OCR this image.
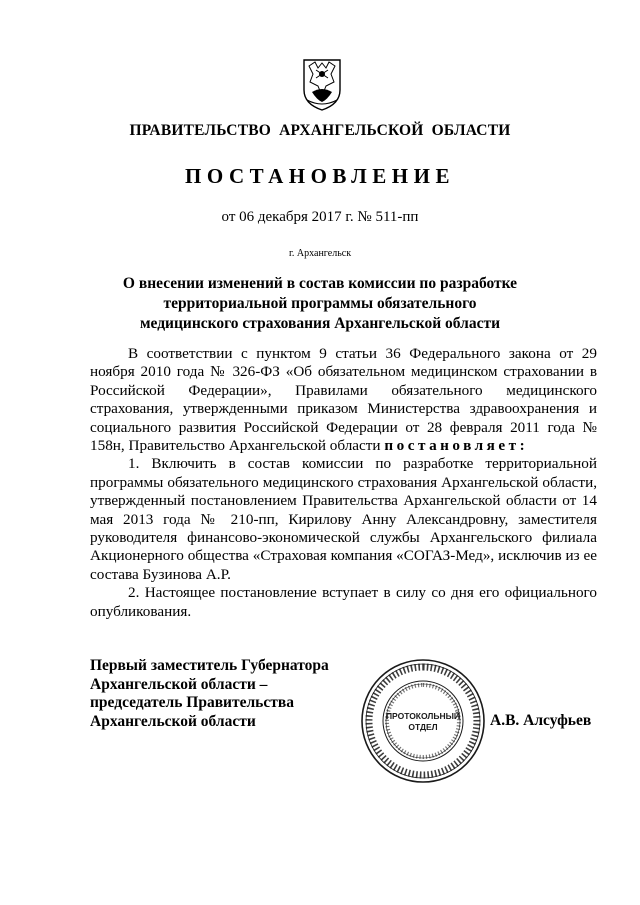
ПРАВИТЕЛЬСТВО АРХАНГЕЛЬСКОЙ ОБЛАСТИ
ПОСТАНОВЛЕНИЕ
от 06 декабря 2017 г. № 511-пп
г. Архангельск
О внесении изменений в состав комиссии по разработке территориальной программы обязательного медицинского страхования Архангельской области

В соответствии с пунктом 9 статьи 36 Федерального закона от 29 ноября 2010 года № 326-ФЗ «Об обязательном медицинском страховании в Российской Федерации», Правилами обязательного медицинского страхования, утвержденными приказом Министерства здравоохранения и социального развития Российской Федерации от 28 февраля 2011 года № 158н, Правительство Архангельской области постановляет:

1. Включить в состав комиссии по разработке территориальной программы обязательного медицинского страхования Архангельской области, утвержденный постановлением Правительства Архангельской области от 14 мая 2013 года № 210-пп, Кирилову Анну Александровну, заместителя руководителя финансово-экономической службы Архангельского филиала Акционерного общества «Страховая компания «СОГАЗ-Мед», исключив из ее состава Бузинова А.Р.

2. Настоящее постановление вступает в силу со дня его официального опубликования.

Первый заместитель Губернатора
Архангельской области –
председатель Правительства
Архангельской области	ПРОТОКОЛЬНЫЙ
ОТДЕЛ	А.В. Алсуфьев
